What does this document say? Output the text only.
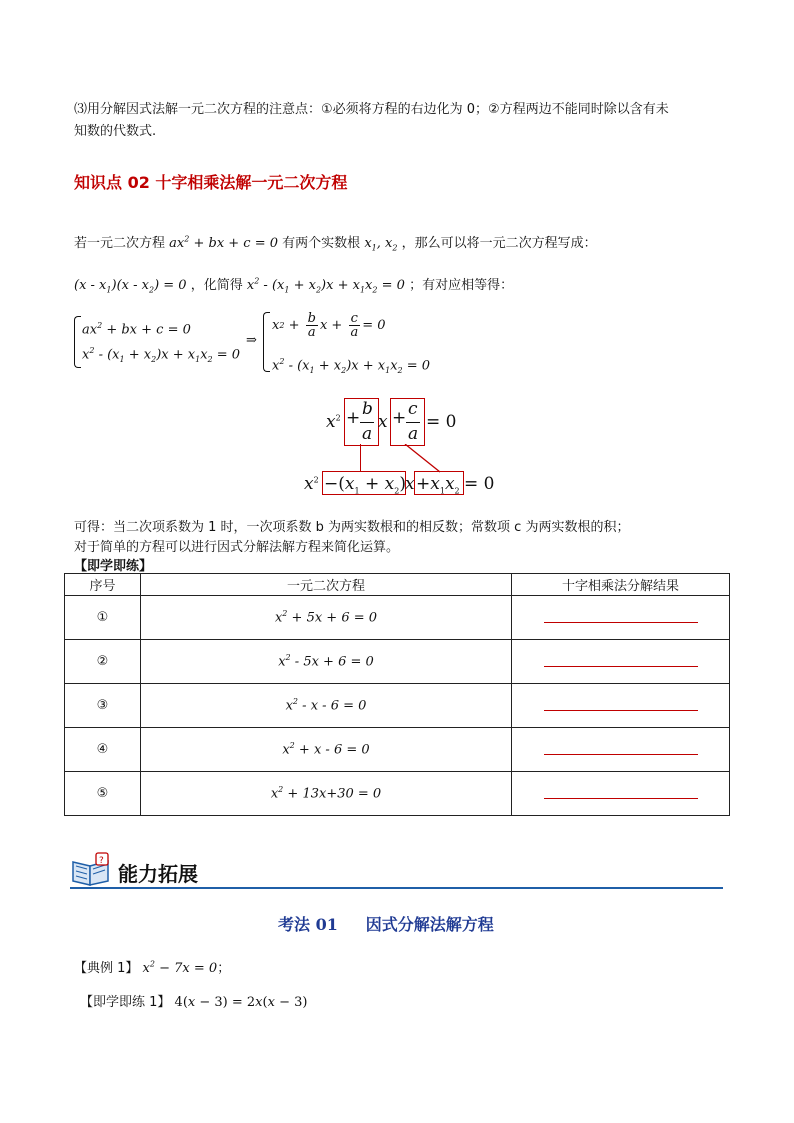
⑶用分解因式法解一元二次方程的注意点：①必须将方程的右边化为 0；②方程两边不能同时除以含有未
知数的代数式.
知识点 02 十字相乘法解一元二次方程
若一元二次方程 $ax^2$ + bx + c = 0 有两个实数根 $x_1$, $x_2$ ，那么可以将一元二次方程写成：
$(x - x_1)(x - x_2) = 0$ ，化简得 $x^2 - (x_1 + x_2)x + x_1x_2 = 0$ ；有对应相等得：
$ax^2$ + bx + c = 0
$x^2 - (x_1 + x_2)x + x_1x_2 = 0$
⇒
x $2 + \frac{b}{a}$ $x + \frac{c}{a} = 0$
$x^2 - (x_1 + x_2)x + x_1x_2 = 0$
$x^2 + b$
a
x + c
a
= 0
$x^2 -(x_1 + x_2)$ $x +x_1x_2 = 0$
可得：当二次项系数为 1 时，一次项系数 b 为两实数根和的相反数；常数项 c 为两实数根的积；
对于简单的方程可以进行因式分解法解方程来简化运算。
【即学即练】
序号	一元二次方程	十字相乘法分解结果
①	$x^2 + 5x + 6 = 0$	
②	$x^2 - 5x + 6 = 0$	
③	$x^2 - x - 6 = 0$	
④	$x^2 + x - 6 = 0$	
⑤	$x^2 + 13x+30 = 0$	
?
能力拓展
考法 01     因式分解法解方程
【典例 1】 $x^2 - 7x = 0$；
【即学即练 1】 4(x − 3) = 2x(x − 3)
